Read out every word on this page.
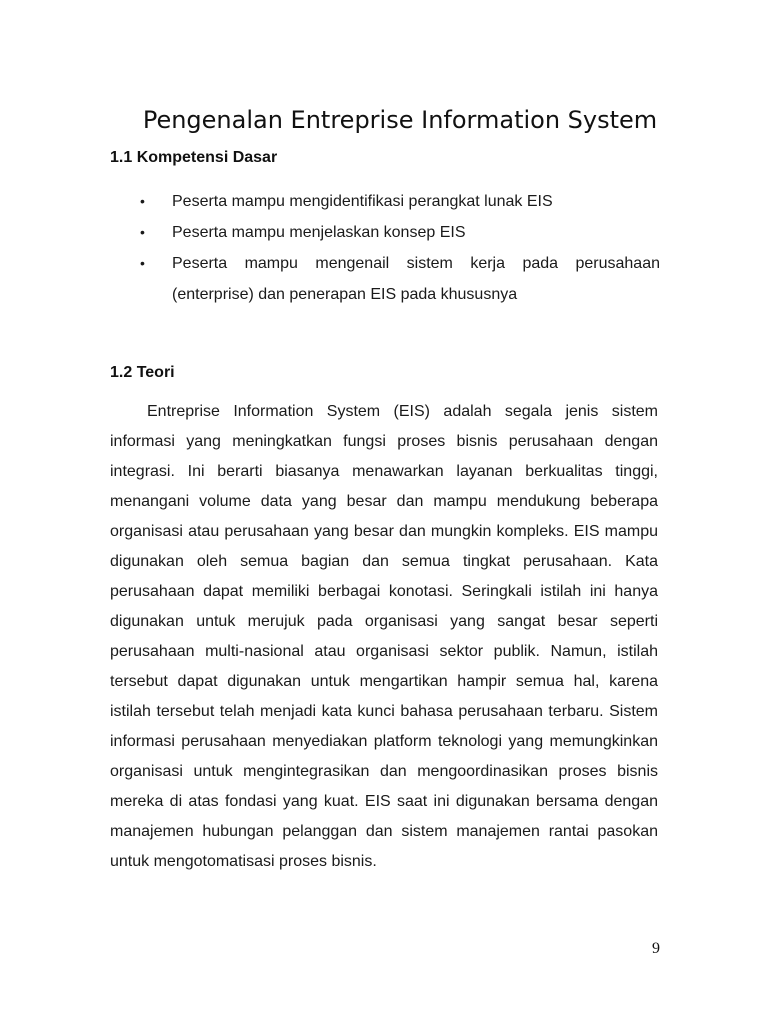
Pengenalan Entreprise Information System
1.1 Kompetensi Dasar
• Peserta mampu mengidentifikasi perangkat lunak EIS
• Peserta mampu menjelaskan konsep EIS
• Peserta mampu mengenail sistem kerja pada perusahaan (enterprise) dan penerapan EIS pada khususnya
1.2 Teori

Entreprise Information System (EIS) adalah segala jenis sistem informasi yang meningkatkan fungsi proses bisnis perusahaan dengan integrasi. Ini berarti biasanya menawarkan layanan berkualitas tinggi, menangani volume data yang besar dan mampu mendukung beberapa organisasi atau perusahaan yang besar dan mungkin kompleks. EIS mampu digunakan oleh semua bagian dan semua tingkat perusahaan. Kata perusahaan dapat memiliki berbagai konotasi. Seringkali istilah ini hanya digunakan untuk merujuk pada organisasi yang sangat besar seperti perusahaan multi-nasional atau organisasi sektor publik. Namun, istilah tersebut dapat digunakan untuk mengartikan hampir semua hal, karena istilah tersebut telah menjadi kata kunci bahasa perusahaan terbaru. Sistem informasi perusahaan menyediakan platform teknologi yang memungkinkan organisasi untuk mengintegrasikan dan mengoordinasikan proses bisnis mereka di atas fondasi yang kuat. EIS saat ini digunakan bersama dengan manajemen hubungan pelanggan dan sistem manajemen rantai pasokan untuk mengotomatisasi proses bisnis.

9
